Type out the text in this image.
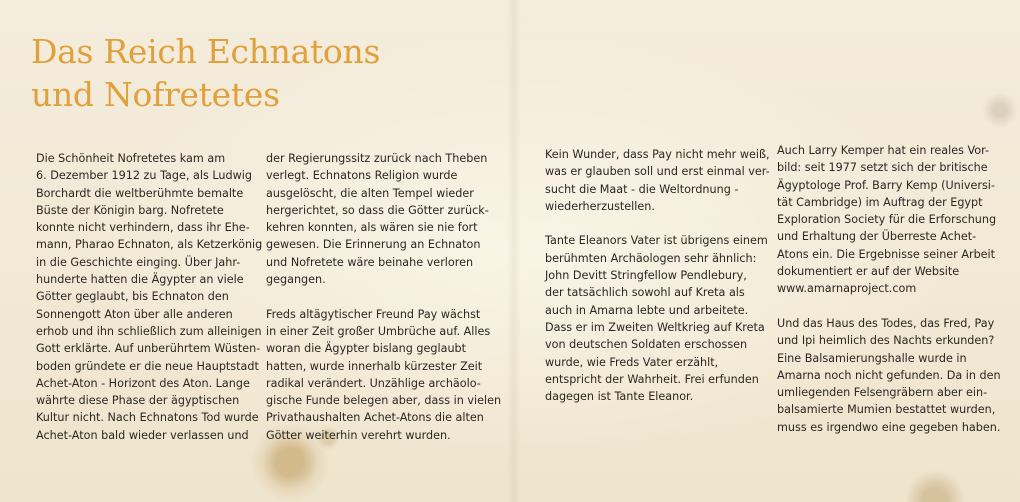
Das Reich Echnatons
und Nofretetes

Die Schönheit Nofretetes kam am
6. Dezember 1912 zu Tage, als Ludwig
Borchardt die weltberühmte bemalte
Büste der Königin barg. Nofretete
konnte nicht verhindern, dass ihr Ehe-
mann, Pharao Echnaton, als Ketzerkönig
in die Geschichte einging. Über Jahr-
hunderte hatten die Ägypter an viele
Götter geglaubt, bis Echnaton den
Sonnengott Aton über alle anderen
erhob und ihn schließlich zum alleinigen
Gott erklärte. Auf unberührtem Wüsten-
boden gründete er die neue Hauptstadt
Achet-Aton - Horizont des Aton. Lange
währte diese Phase der ägyptischen
Kultur nicht. Nach Echnatons Tod wurde
Achet-Aton bald wieder verlassen und

der Regierungssitz zurück nach Theben
verlegt. Echnatons Religion wurde
ausgelöscht, die alten Tempel wieder
hergerichtet, so dass die Götter zurück-
kehren konnten, als wären sie nie fort
gewesen. Die Erinnerung an Echnaton
und Nofretete wäre beinahe verloren
gegangen.

Freds altägytischer Freund Pay wächst
in einer Zeit großer Umbrüche auf. Alles
woran die Ägypter bislang geglaubt
hatten, wurde innerhalb kürzester Zeit
radikal verändert. Unzählige archäolo-
gische Funde belegen aber, dass in vielen
Privathaushalten Achet-Atons die alten
Götter weiterhin verehrt wurden.

Kein Wunder, dass Pay nicht mehr weiß,
was er glauben soll und erst einmal ver-
sucht die Maat - die Weltordnung -
wiederherzustellen.

Tante Eleanors Vater ist übrigens einem
berühmten Archäologen sehr ähnlich:
John Devitt Stringfellow Pendlebury,
der tatsächlich sowohl auf Kreta als
auch in Amarna lebte und arbeitete.
Dass er im Zweiten Weltkrieg auf Kreta
von deutschen Soldaten erschossen
wurde, wie Freds Vater erzählt,
entspricht der Wahrheit. Frei erfunden
dagegen ist Tante Eleanor.

Auch Larry Kemper hat ein reales Vor-
bild: seit 1977 setzt sich der britische
Ägyptologe Prof. Barry Kemp (Universi-
tät Cambridge) im Auftrag der Egypt
Exploration Society für die Erforschung
und Erhaltung der Überreste Achet-
Atons ein. Die Ergebnisse seiner Arbeit
dokumentiert er auf der Website
www.amarnaproject.com

Und das Haus des Todes, das Fred, Pay
und Ipi heimlich des Nachts erkunden?
Eine Balsamierungshalle wurde in
Amarna noch nicht gefunden. Da in den
umliegenden Felsengräbern aber ein-
balsamierte Mumien bestattet wurden,
muss es irgendwo eine gegeben haben.
